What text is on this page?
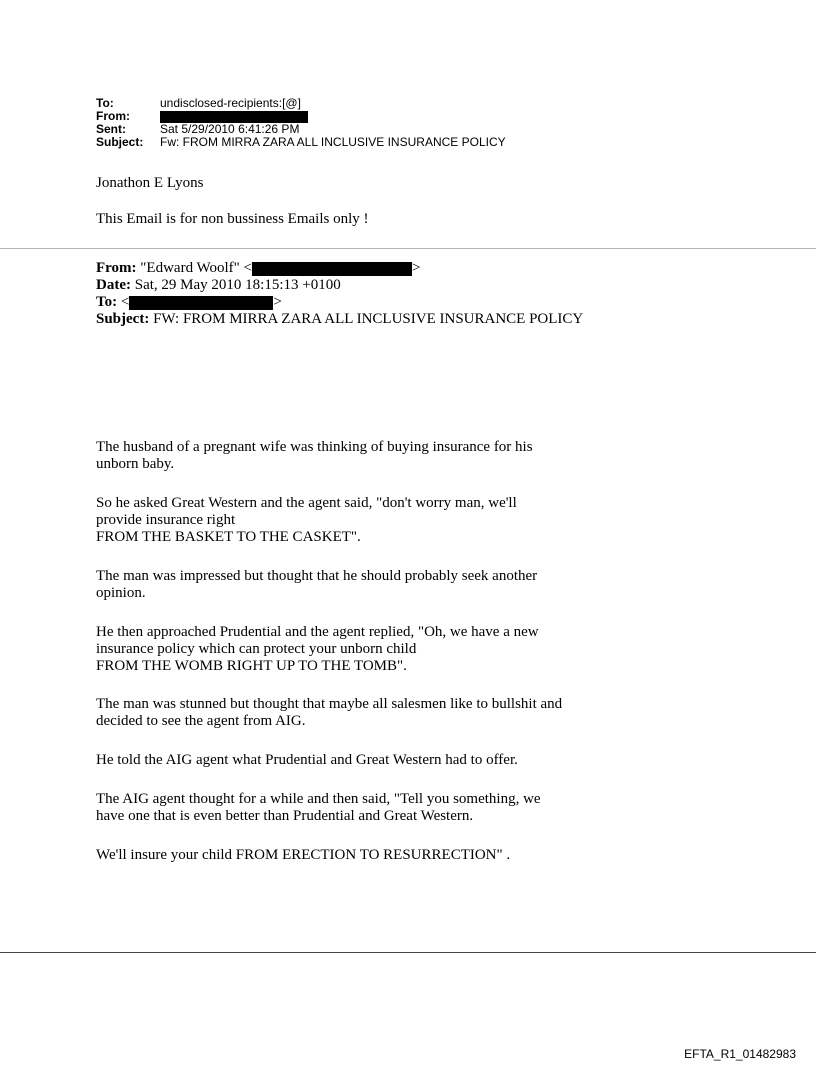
To:	undisclosed-recipients:[@]
From:
Sent:	Sat 5/29/2010 6:41:26 PM
Subject:	Fw: FROM MIRRA ZARA ALL INCLUSIVE INSURANCE POLICY
Jonathon E Lyons
This Email is for non bussiness Emails only !
From: "Edward Woolf" <	>
Date: Sat, 29 May 2010 18:15:13 +0100
To: <	>
Subject: FW: FROM MIRRA ZARA ALL INCLUSIVE INSURANCE POLICY
The husband of a pregnant wife was thinking of buying insurance for his
unborn baby.
So he asked Great Western and the agent said, "don't worry man, we'll
provide insurance right
FROM THE BASKET TO THE CASKET".
The man was impressed but thought that he should probably seek another
opinion.
He then approached Prudential and the agent replied, "Oh, we have a new
insurance policy which can protect your unborn child
FROM THE WOMB RIGHT UP TO THE TOMB".
The man was stunned but thought that maybe all salesmen like to bullshit and
decided to see the agent from AIG.
He told the AIG agent what Prudential and Great Western had to offer.
The AIG agent thought for a while and then said, "Tell you something, we
have one that is even better than Prudential and Great Western.
We'll insure your child FROM ERECTION TO RESURRECTION" .
EFTA_R1_01482983
